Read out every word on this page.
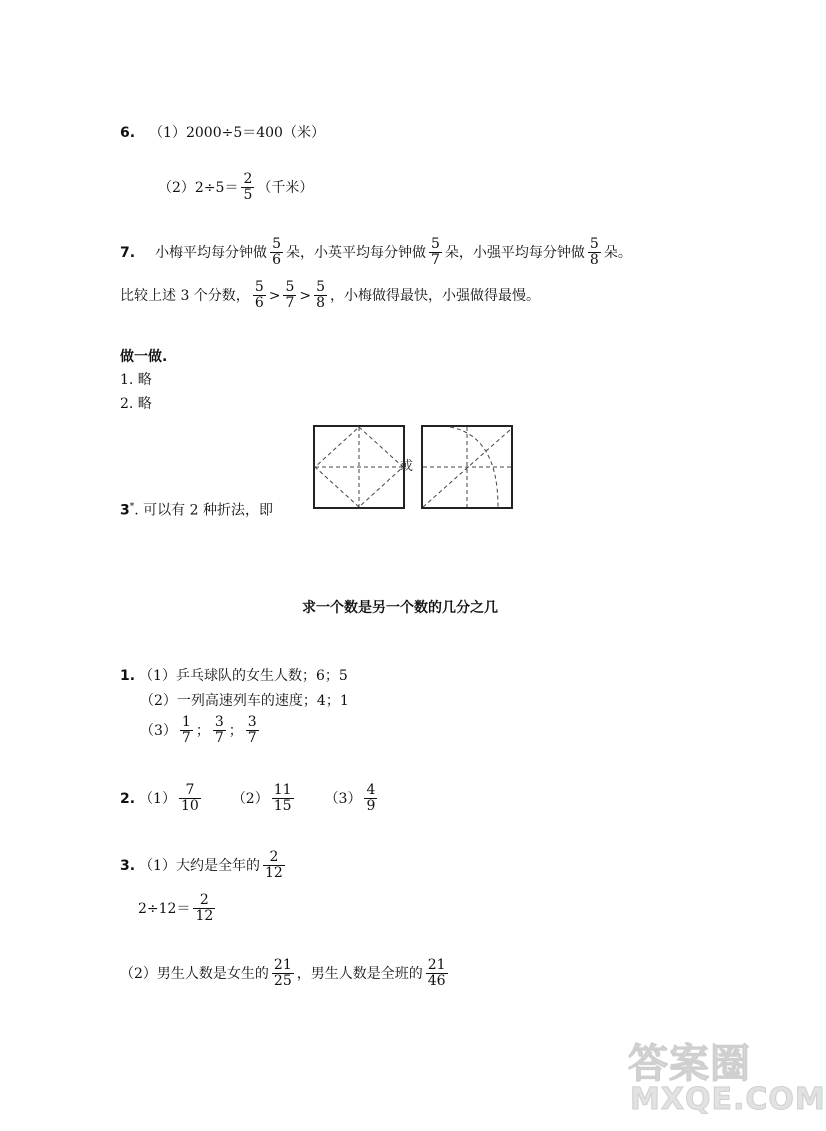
6. （1）2000÷5＝400（米）
$(2)2\div 5= \frac{2}{5}$ （千米）
7. 小梅平均每分钟做 $\frac{5}{6}$ 朵，小英平均每分钟做 $\frac{5}{7}$ 朵，小强平均每分钟做 $\frac{5}{8}$ 朵。
比较上述 3 个分数， $\frac{5}{6} > \frac{5}{7} > \frac{5}{8}$ ，小梅做得最快，小强做得最慢。
做一做.
1. 略
2. 略
3*. 可以有 2 种折法，即
或
求一个数是另一个数的几分之几
1. （1）乒乓球队的女生人数；6；5
（2）一列高速列车的速度；4；1
$(3) \frac{1}{7}$ ； $\frac{3}{7}$ ； $\frac{3}{7}$
2. $(1) \frac{7}{10} (2) \frac{11}{15} (3) \frac{4}{9}$
3. （1）大约是全年的 $\frac{2}{12}$
$2\div 12= \frac{2}{12}$
（2）男生人数是女生的 $\frac{21}{25}$ ，男生人数是全班的 $\frac{21}{46}$
答案圈
MXQE.COM
